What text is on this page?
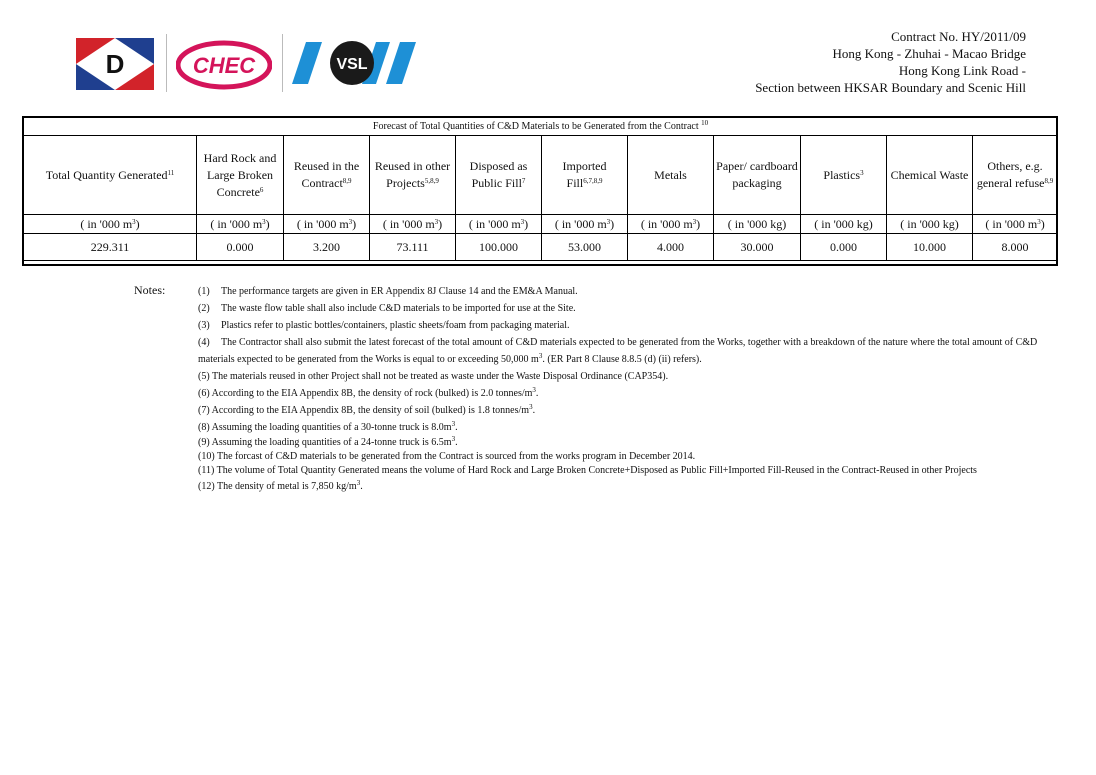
D	CHEC	VSL
Contract No. HY/2011/09
Hong Kong - Zhuhai - Macao Bridge
Hong Kong Link Road -
Section between HKSAR Boundary and Scenic Hill
Forecast of Total Quantities of C&D Materials to be Generated from the Contract $^{10}$
Total Quantity Generated$^{11}$	Hard Rock and Large Broken Concrete$^6$	Reused in the Contract$^{8,9}$	Reused in other Projects$^{5,8,9}$	Disposed as Public Fill$^7$	Imported Fill$^{6,7,8,9}$	Metals	Paper/ cardboard packaging	Plastics$^3$	Chemical Waste	Others, e.g. general refuse$^{8,9}$
( in '000 $m^3$)	( in '000 $m^3$)	( in '000 $m^3$)	( in '000 $m^3$)	( in '000 $m^3$)	( in '000 $m^3$)	( in '000 $m^3$)	( in '000 kg)	( in '000 kg)	( in '000 kg)	( in '000 $m^3$)
229.311	0.000	3.200	73.111	100.000	53.000	4.000	30.000	0.000	10.000	8.000
Notes:	(1) The performance targets are given in ER Appendix 8J Clause 14 and the EM&A Manual.
(2) The waste flow table shall also include C&D materials to be imported for use at the Site.
(3) Plastics refer to plastic bottles/containers, plastic sheets/foam from packaging material.
(4) The Contractor shall also submit the latest forecast of the total amount of C&D materials expected to be generated from the Works, together with a breakdown of the nature where the total amount of C&D materials expected to be generated from the Works is equal to or exceeding 50,000 $m^3$. (ER Part 8 Clause 8.8.5 (d) (ii) refers).
(5) The materials reused in other Project shall not be treated as waste under the Waste Disposal Ordinance (CAP354).
(6) According to the EIA Appendix 8B, the density of rock (bulked) is 2.0 tonnes/$m^3$.
(7) According to the EIA Appendix 8B, the density of soil (bulked) is 1.8 tonnes/$m^3$.
(8) Assuming the loading quantities of a 30-tonne truck is $8.0m^3$.
(9) Assuming the loading quantities of a 24-tonne truck is $6.5m^3$.
(10) The forcast of C&D materials to be generated from the Contract is sourced from the works program in December 2014.
(11) The volume of Total Quantity Generated means the volume of Hard Rock and Large Broken Concrete+Disposed as Public Fill+Imported Fill-Reused in the Contract-Reused in other Projects
(12) The density of metal is 7,850 $kg/m^3$.
